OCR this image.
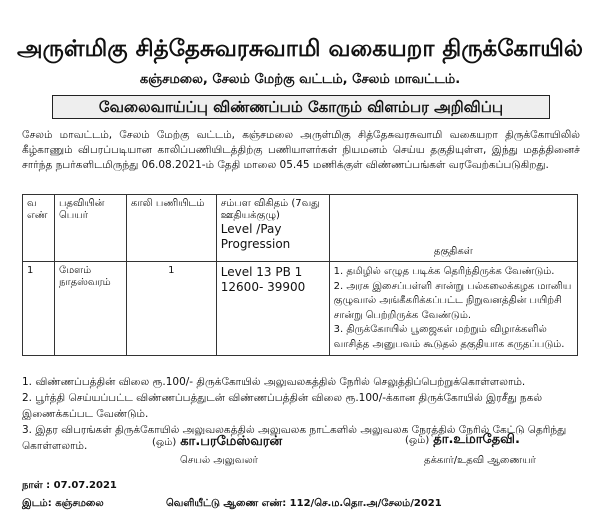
அருள்மிகு சித்தேசுவரசுவாமி வகையறா திருக்கோயில்
கஞ்சமலை, சேலம் மேற்கு வட்டம், சேலம் மாவட்டம்.
வேலைவாய்ப்பு விண்ணப்பம் கோரும் விளம்பர அறிவிப்பு
சேலம் மாவட்டம், சேலம் மேற்கு வட்டம், கஞ்சமலை அருள்மிகு சித்தேசுவரசுவாமி வகையறா திருக்கோயிலில் கீழ்காணும் விபரப்படியான காலிப்பணியிடத்திற்கு பணியாளர்கள் நியமனம் செய்ய தகுதியுள்ள, இந்து மதத்தினைச் சார்ந்த நபர்களிடமிருந்து 06.08.2021-ம் தேதி மாலை 05.45 மணிக்குள் விண்ணப்பங்கள் வரவேற்கப்படுகிறது.
வ எண்	பதவியின் பெயர்	காலி பணியிடம்	சம்பள விகிதம் (7வது ஊதியக்குழு)
Level /Pay Progression	தகுதிகள்
1	மேளம் நாதஸ்வரம்	1	Level 13 PB 1 12600- 39900	1. தமிழில் எழுத படிக்க தெரிந்திருக்க வேண்டும்.
2. அரசு இசைப்பள்ளி சான்று பல்கலைக்கழக மானிய குழுவால் அங்கீகரிக்கப்பட்ட நிறுவனத்தின் பயிற்சி சான்று பெற்றிருக்க வேண்டும்.
3. திருக்கோயில் பூஜைகள் மற்றும் விழாக்களில் வாசித்த அனுபவம் கூடுதல் தகுதியாக கருதப்படும்.
1. விண்ணப்பத்தின் விலை ரூ.100/- திருக்கோயில் அலுவலகத்தில் நேரில் செலுத்திப்பெற்றுக்கொள்ளலாம்.
2. பூர்த்தி செய்யப்பட்ட விண்ணப்பத்துடன் விண்ணப்பத்தின் விலை ரூ.100/-க்கான திருக்கோயில் இரசீது நகல் இணைக்கப்பட வேண்டும்.
3. இதர விபரங்கள் திருக்கோயில் அலுவலகத்தில் அலுவலக நாட்களில் அலுவலக நேரத்தில் நேரில் கேட்டு தெரிந்து கொள்ளலாம்.	(ஒம்) கா.பரமேஸ்வரன்
செயல் அலுவலர்
(ஒம்) தா.உமாதேவி.
தக்கார்/உதவி ஆணையர்
நாள் : 07.07.2021
இடம்: கஞ்சமலை	வெளியீட்டு ஆணை எண்: 112/செ.ம.தொ.அ/சேலம்/2021
